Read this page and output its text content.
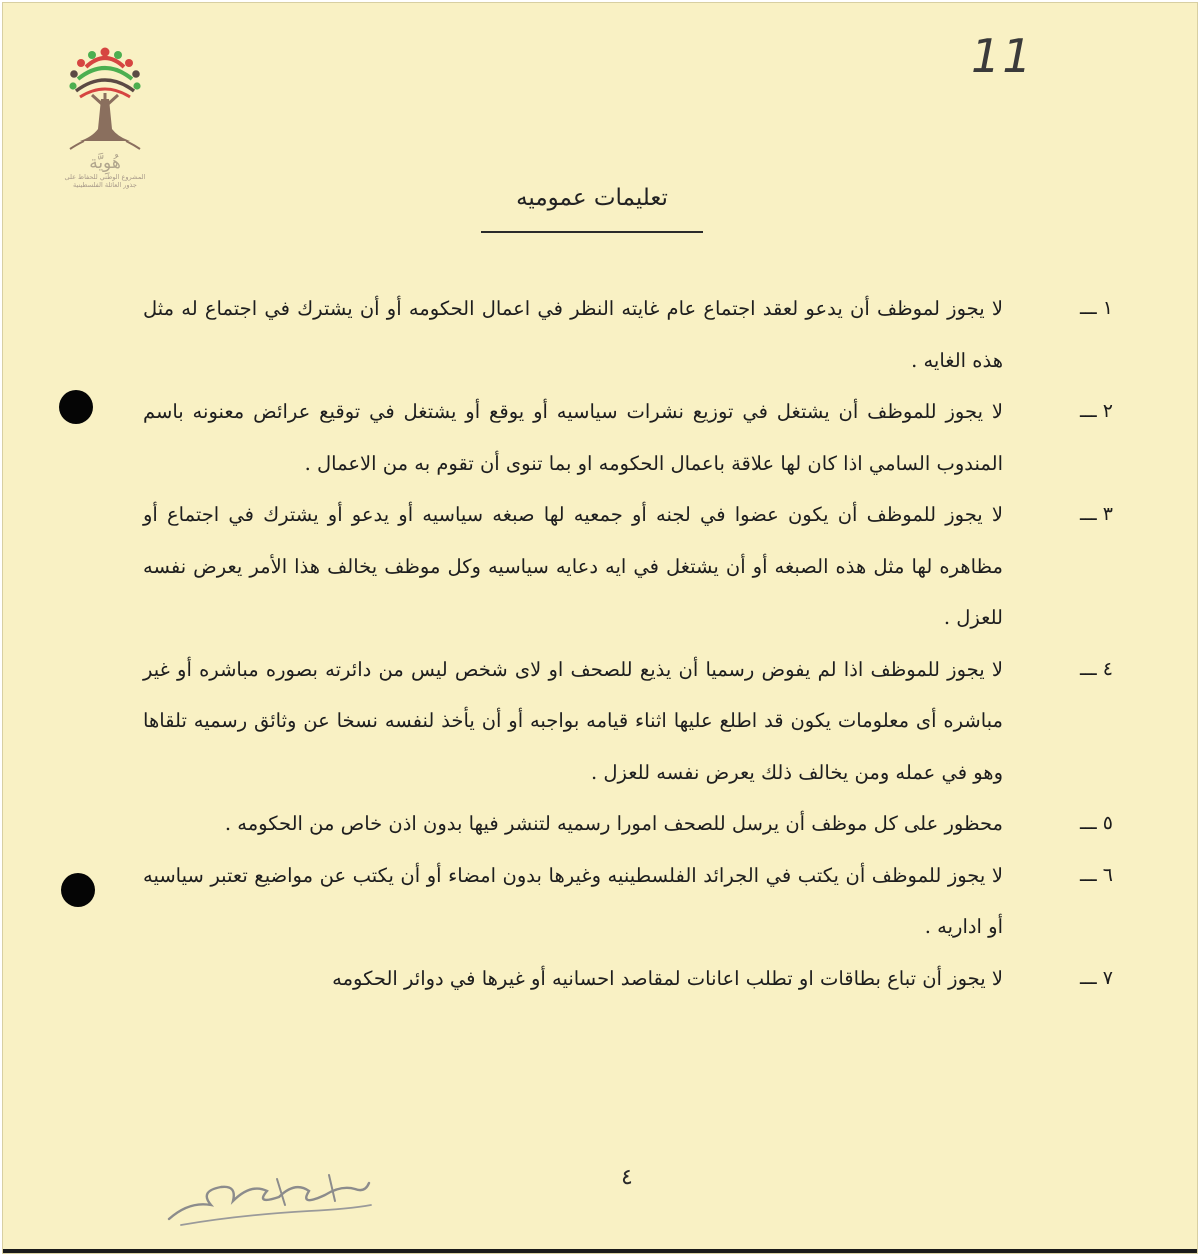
هُوِيَّة
المشروع الوطني للحفاظ على جذور العائلة الفلسطينية
11
تعليمات عموميه
١ ـــ
لا يجوز لموظف أن يدعو لعقد اجتماع عام غايته النظر في اعمال الحكومه أو أن يشترك في اجتماع له مثل هذه الغايه .
٢ ـــ
لا يجوز للموظف أن يشتغل في توزيع نشرات سياسيه أو يوقع أو يشتغل في توقيع عرائض معنونه باسم المندوب السامي اذا كان لها علاقة باعمال الحكومه او بما تنوى أن تقوم به من الاعمال .
٣ ـــ
لا يجوز للموظف أن يكون عضوا في لجنه أو جمعيه لها صبغه سياسيه أو يدعو أو يشترك في اجتماع أو مظاهره لها مثل هذه الصبغه أو أن يشتغل في ايه دعايه سياسيه وكل موظف يخالف هذا الأمر يعرض نفسه للعزل .
٤ ـــ
لا يجوز للموظف اذا لم يفوض رسميا أن يذيع للصحف او لاى شخص ليس من دائرته بصوره مباشره أو غير مباشره أى معلومات يكون قد اطلع عليها اثناء قيامه بواجبه أو أن يأخذ لنفسه نسخا عن وثائق رسميه تلقاها وهو في عمله ومن يخالف ذلك يعرض نفسه للعزل .
٥ ـــ
محظور على كل موظف أن يرسل للصحف امورا رسميه لتنشر فيها بدون اذن خاص من الحكومه .
٦ ـــ
لا يجوز للموظف أن يكتب في الجرائد الفلسطينيه وغيرها بدون امضاء أو أن يكتب عن مواضيع تعتبر سياسيه أو اداريه .
٧ ـــ
لا يجوز أن تباع بطاقات او تطلب اعانات لمقاصد احسانيه أو غيرها في دوائر الحكومه
٤
